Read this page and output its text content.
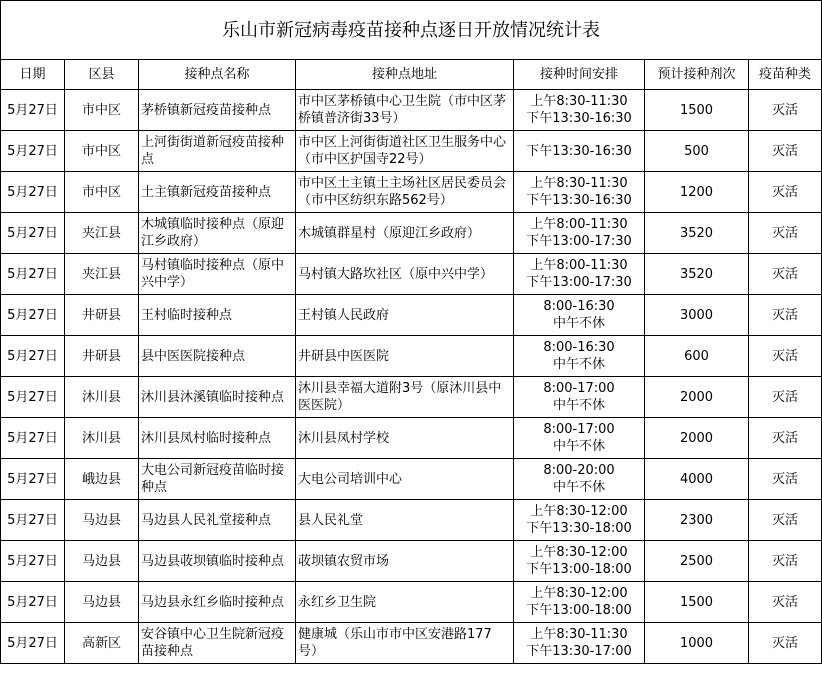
乐山市新冠病毒疫苗接种点逐日开放情况统计表						
日期	区县	接种点名称	接种点地址	接种时间安排	预计接种剂次	疫苗种类
5月27日	市中区	茅桥镇新冠疫苗接种点	市中区茅桥镇中心卫生院（市中区茅桥镇普济街33号）	上午8:30-11:30
下午13:30-16:30	1500	灭活
5月27日	市中区	上河街街道新冠疫苗接种点	市中区上河街街道社区卫生服务中心（市中区护国寺22号）	下午13:30-16:30	500	灭活
5月27日	市中区	土主镇新冠疫苗接种点	市中区土主镇土主场社区居民委员会（市中区纺织东路562号）	上午8:30-11:30
下午13:30-16:30	1200	灭活
5月27日	夹江县	木城镇临时接种点（原迎江乡政府）	木城镇群星村（原迎江乡政府）	上午8:00-11:30
下午13:00-17:30	3520	灭活
5月27日	夹江县	马村镇临时接种点（原中兴中学）	马村镇大路坎社区（原中兴中学）	上午8:00-11:30
下午13:00-17:30	3520	灭活
5月27日	井研县	王村临时接种点	王村镇人民政府	8:00-16:30
中午不休	3000	灭活
5月27日	井研县	县中医医院接种点	井研县中医医院	8:00-16:30
中午不休	600	灭活
5月27日	沐川县	沐川县沐溪镇临时接种点	沐川县幸福大道附3号（原沐川县中医医院）	8:00-17:00
中午不休	2000	灭活
5月27日	沐川县	沐川县凤村临时接种点	沐川县凤村学校	8:00-17:00
中午不休	2000	灭活
5月27日	峨边县	大电公司新冠疫苗临时接种点	大电公司培训中心	8:00-20:00
中午不休	4000	灭活
5月27日	马边县	马边县人民礼堂接种点	县人民礼堂	上午8:30-12:00
下午13:30-18:00	2300	灭活
5月27日	马边县	马边县荍坝镇临时接种点	荍坝镇农贸市场	上午8:30-12:00
下午13:00-18:00	2500	灭活
5月27日	马边县	马边县永红乡临时接种点	永红乡卫生院	上午8:30-12:00
下午13:00-18:00	1500	灭活
5月27日	高新区	安谷镇中心卫生院新冠疫苗接种点	健康城（乐山市市中区安港路177号）	上午8:30-11:30
下午13:30-17:00	1000	灭活
